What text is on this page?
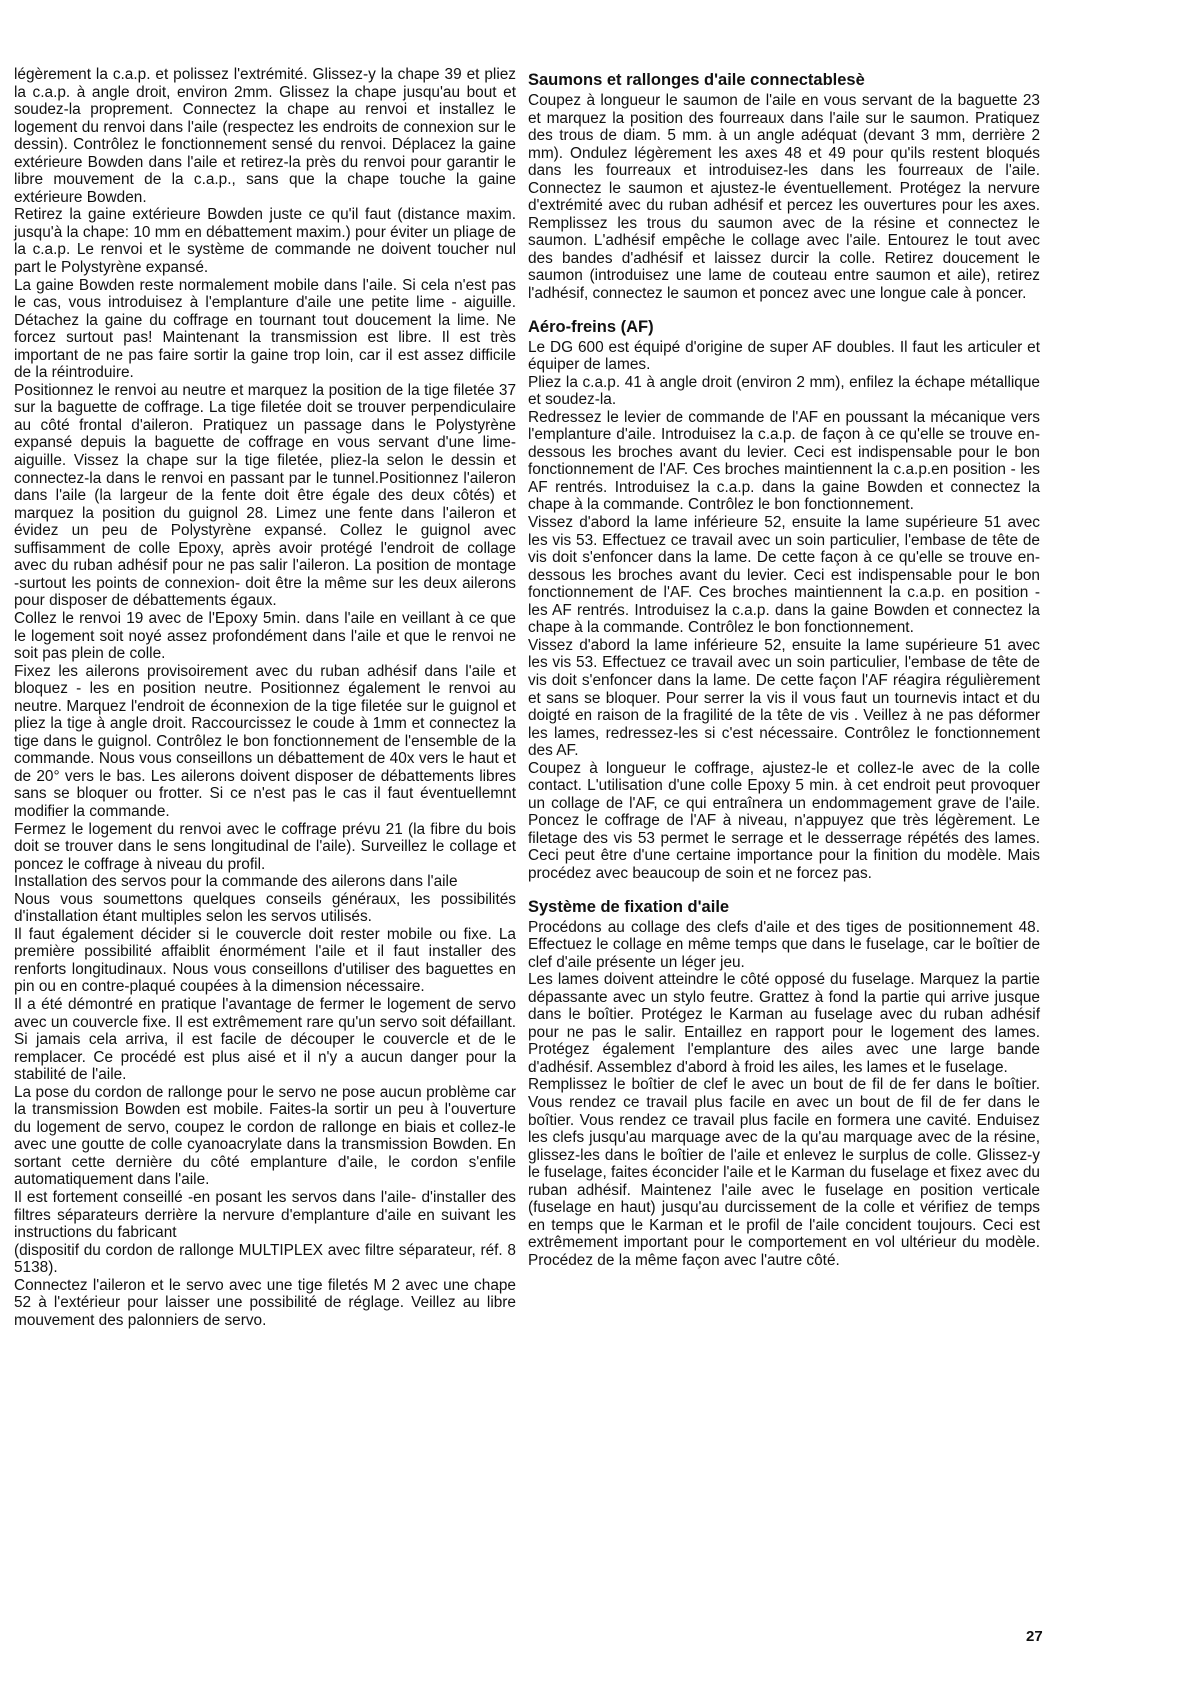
légèrement la c.a.p. et polissez l'extrémité. Glissez-y la chape 39 et pliez la c.a.p. à angle droit, environ 2mm. Glissez la chape jusqu'au bout et soudez-la proprement. Connectez la chape au renvoi et installez le logement du renvoi dans l'aile (respectez les endroits de connexion sur le dessin). Contrôlez le fonctionnement sensé du renvoi. Déplacez la gaine extérieure Bowden dans l'aile et retirez-la près du renvoi pour garantir le libre mouvement de la c.a.p., sans que la chape touche la gaine extérieure Bowden.

Retirez la gaine extérieure Bowden juste ce qu'il faut (distance maxim. jusqu'à la chape: 10 mm en débattement maxim.) pour éviter un pliage de la c.a.p. Le renvoi et le système de commande ne doivent toucher nul part le Polystyrène expansé.

La gaine Bowden reste normalement mobile dans l'aile. Si cela n'est pas le cas, vous introduisez à l'emplanture d'aile une petite lime - aiguille. Détachez la gaine du coffrage en tournant tout doucement la lime. Ne forcez surtout pas! Maintenant la transmission est libre. Il est très important de ne pas faire sortir la gaine trop loin, car il est assez difficile de la réintroduire.

Positionnez le renvoi au neutre et marquez la position de la tige filetée 37 sur la baguette de coffrage. La tige filetée doit se trouver perpendiculaire au côté frontal d'aileron. Pratiquez un passage dans le Polystyrène expansé depuis la baguette de coffrage en vous servant d'une lime-aiguille. Vissez la chape sur la tige filetée, pliez-la selon le dessin et connectez-la dans le renvoi en passant par le tunnel.Positionnez l'aileron dans l'aile (la largeur de la fente doit être égale des deux côtés) et marquez la position du guignol 28. Limez une fente dans l'aileron et évidez un peu de Polystyrène expansé. Collez le guignol avec suffisamment de colle Epoxy, après avoir protégé l'endroit de collage avec du ruban adhésif pour ne pas salir l'aileron. La position de montage -surtout les points de connexion- doit être la même sur les deux ailerons pour disposer de débattements égaux.

Collez le renvoi 19 avec de l'Epoxy 5min. dans l'aile en veillant à ce que le logement soit noyé assez profondément dans l'aile et que le renvoi ne soit pas plein de colle.

Fixez les ailerons provisoirement avec du ruban adhésif dans l'aile et bloquez - les en position neutre. Positionnez également le renvoi au neutre. Marquez l'endroit de éconnexion de la tige filetée sur le guignol et pliez la tige à angle droit. Raccourcissez le coude à 1mm et connectez la tige dans le guignol. Contrôlez le bon fonctionnement de l'ensemble de la commande. Nous vous conseillons un débattement de 40x vers le haut et de 20° vers le bas. Les ailerons doivent disposer de débattements libres sans se bloquer ou frotter. Si ce n'est pas le cas il faut éventuellemnt modifier la commande.

Fermez le logement du renvoi avec le coffrage prévu 21 (la fibre du bois doit se trouver dans le sens longitudinal de l'aile). Surveillez le collage et poncez le coffrage à niveau du profil.

Installation des servos pour la commande des ailerons dans l'aile

Nous vous soumettons quelques conseils généraux, les possibilités d'installation étant multiples selon les servos utilisés.

Il faut également décider si le couvercle doit rester mobile ou fixe. La première possibilité affaiblit énormément l'aile et il faut installer des renforts longitudinaux. Nous vous conseillons d'utiliser des baguettes en pin ou en contre-plaqué coupées à la dimension nécessaire.

Il a été démontré en pratique l'avantage de fermer le logement de servo avec un couvercle fixe. Il est extrêmement rare qu'un servo soit défaillant. Si jamais cela arriva, il est facile de découper le couvercle et de le remplacer. Ce procédé est plus aisé et il n'y a aucun danger pour la stabilité de l'aile.

La pose du cordon de rallonge pour le servo ne pose aucun problème car la transmission Bowden est mobile. Faites-la sortir un peu à l'ouverture du logement de servo, coupez le cordon de rallonge en biais et collez-le avec une goutte de colle cyanoacrylate dans la transmission Bowden. En sortant cette dernière du côté emplanture d'aile, le cordon s'enfile automatiquement dans l'aile.

Il est fortement conseillé -en posant les servos dans l'aile- d'installer des filtres séparateurs derrière la nervure d'emplanture d'aile en suivant les instructions du fabricant

(dispositif du cordon de rallonge MULTIPLEX avec filtre séparateur, réf. 8 5138).

Connectez l'aileron et le servo avec une tige filetés M 2 avec une chape 52 à l'extérieur pour laisser une possibilité de réglage. Veillez au libre mouvement des palonniers de servo.

Saumons et rallonges d'aile connectablesè

Coupez à longueur le saumon de l'aile en vous servant de la baguette 23 et marquez la position des fourreaux dans l'aile sur le saumon. Pratiquez des trous de diam. 5 mm. à un angle adéquat (devant 3 mm, derrière 2 mm). Ondulez légèrement les axes 48 et 49 pour qu'ils restent bloqués dans les fourreaux et introduisez-les dans les fourreaux de l'aile. Connectez le saumon et ajustez-le éventuellement. Protégez la nervure d'extrémité avec du ruban adhésif et percez les ouvertures pour les axes. Remplissez les trous du saumon avec de la résine et connectez le saumon. L'adhésif empêche le collage avec l'aile. Entourez le tout avec des bandes d'adhésif et laissez durcir la colle. Retirez doucement le saumon (introduisez une lame de couteau entre saumon et aile), retirez l'adhésif, connectez le saumon et poncez avec une longue cale à poncer.

Aéro-freins (AF)

Le DG 600 est équipé d'origine de super AF doubles. Il faut les articuler et équiper de lames.

Pliez la c.a.p. 41 à angle droit (environ 2 mm), enfilez la échape métallique et soudez-la.

Redressez le levier de commande de l'AF en poussant la mécanique vers l'emplanture d'aile. Introduisez la c.a.p. de façon à ce qu'elle se trouve en-dessous les broches avant du levier. Ceci est indispensable pour le bon fonctionnement de l'AF. Ces broches maintiennent la c.a.p.en position - les AF rentrés. Introduisez la c.a.p. dans la gaine Bowden et connectez la chape à la commande. Contrôlez le bon fonctionnement.

Vissez d'abord la lame inférieure 52, ensuite la lame supérieure 51 avec les vis 53. Effectuez ce travail avec un soin particulier, l'embase de tête de vis doit s'enfoncer dans la lame. De cette façon à ce qu'elle se trouve en-dessous les broches avant du levier. Ceci est indispensable pour le bon fonctionnement de l'AF. Ces broches maintiennent la c.a.p. en position - les AF rentrés. Introduisez la c.a.p. dans la gaine Bowden et connectez la chape à la commande. Contrôlez le bon fonctionnement.

Vissez d'abord la lame inférieure 52, ensuite la lame supérieure 51 avec les vis 53. Effectuez ce travail avec un soin particulier, l'embase de tête de vis doit s'enfoncer dans la lame. De cette façon l'AF réagira régulièrement et sans se bloquer. Pour serrer la vis il vous faut un tournevis intact et du doigté en raison de la fragilité de la tête de vis . Veillez à ne pas déformer les lames, redressez-les si c'est nécessaire. Contrôlez le fonctionnement des AF.

Coupez à longueur le coffrage, ajustez-le et collez-le avec de la colle contact. L'utilisation d'une colle Epoxy 5 min. à cet endroit peut provoquer un collage de l'AF, ce qui entraînera un endommagement grave de l'aile. Poncez le coffrage de l'AF à niveau, n'appuyez que très légèrement. Le filetage des vis 53 permet le serrage et le desserrage répétés des lames. Ceci peut être d'une certaine importance pour la finition du modèle. Mais procédez avec beaucoup de soin et ne forcez pas.

Système de fixation d'aile

Procédons au collage des clefs d'aile et des tiges de positionnement 48. Effectuez le collage en même temps que dans le fuselage, car le boîtier de clef d'aile présente un léger jeu.

Les lames doivent atteindre le côté opposé du fuselage. Marquez la partie dépassante avec un stylo feutre. Grattez à fond la partie qui arrive jusque dans le boîtier. Protégez le Karman au fuselage avec du ruban adhésif pour ne pas le salir. Entaillez en rapport pour le logement des lames. Protégez également l'emplanture des ailes avec une large bande d'adhésif. Assemblez d'abord à froid les ailes, les lames et le fuselage.

Remplissez le boîtier de clef le avec un bout de fil de fer dans le boîtier. Vous rendez ce travail plus facile en avec un bout de fil de fer dans le boîtier. Vous rendez ce travail plus facile en formera une cavité. Enduisez les clefs jusqu'au marquage avec de la qu'au marquage avec de la résine, glissez-les dans le boîtier de l'aile et enlevez le surplus de colle. Glissez-y le fuselage, faites éconcider l'aile et le Karman du fuselage et fixez avec du ruban adhésif. Maintenez l'aile avec le fuselage en position verticale (fuselage en haut) jusqu'au durcissement de la colle et vérifiez de temps en temps que le Karman et le profil de l'aile concident toujours. Ceci est extrêmement important pour le comportement en vol ultérieur du modèle. Procédez de la même façon avec l'autre côté.

27
